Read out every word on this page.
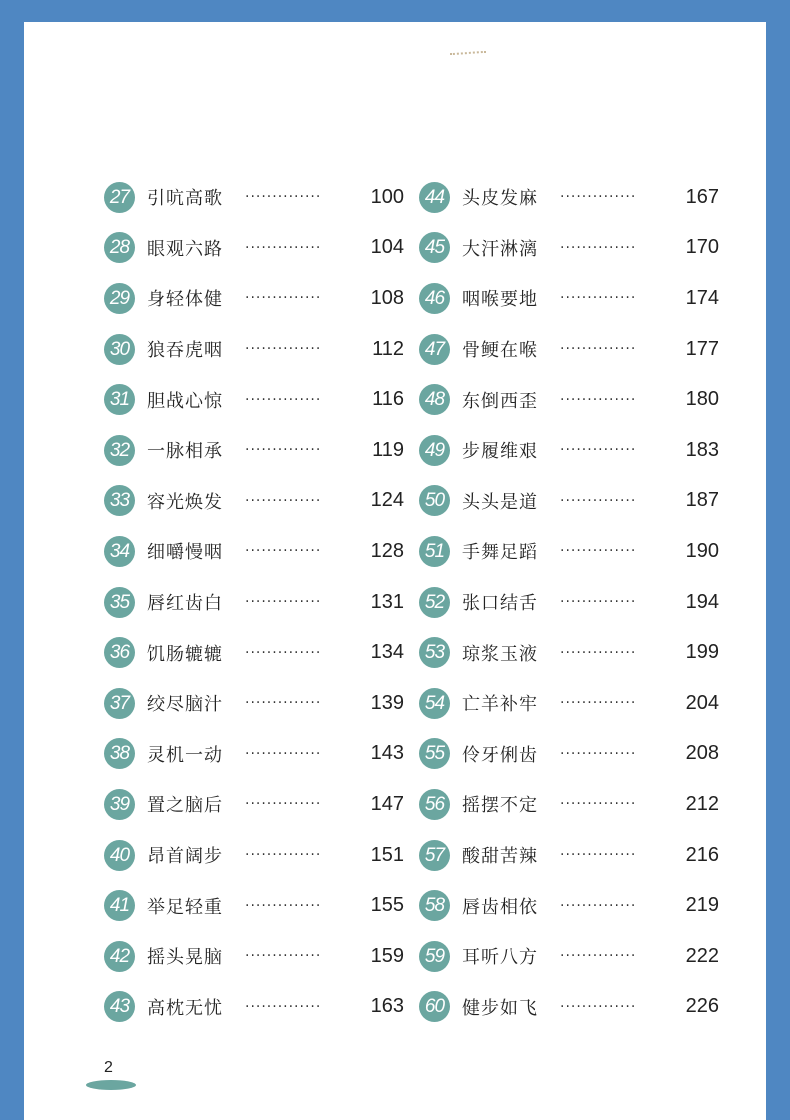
27 引吭高歌	··············	100
28 眼观六路	··············	104
29 身轻体健	··············	108
30 狼吞虎咽	··············	112
31 胆战心惊	··············	116
32 一脉相承	··············	119
33 容光焕发	··············	124
34 细嚼慢咽	··············	128
35 唇红齿白	··············	131
36 饥肠辘辘	··············	134
37 绞尽脑汁	··············	139
38 灵机一动	··············	143
39 置之脑后	··············	147
40 昂首阔步	··············	151
41 举足轻重	··············	155
42 摇头晃脑	··············	159
43 高枕无忧	··············	163
44 头皮发麻	··············	167
45 大汗淋漓	··············	170
46 咽喉要地	··············	174
47 骨鲠在喉	··············	177
48 东倒西歪	··············	180
49 步履维艰	··············	183
50 头头是道	··············	187
51 手舞足蹈	··············	190
52 张口结舌	··············	194
53 琼浆玉液	··············	199
54 亡羊补牢	··············	204
55 伶牙俐齿	··············	208
56 摇摆不定	··············	212
57 酸甜苦辣	··············	216
58 唇齿相依	··············	219
59 耳听八方	··············	222
60 健步如飞	··············	226
2
